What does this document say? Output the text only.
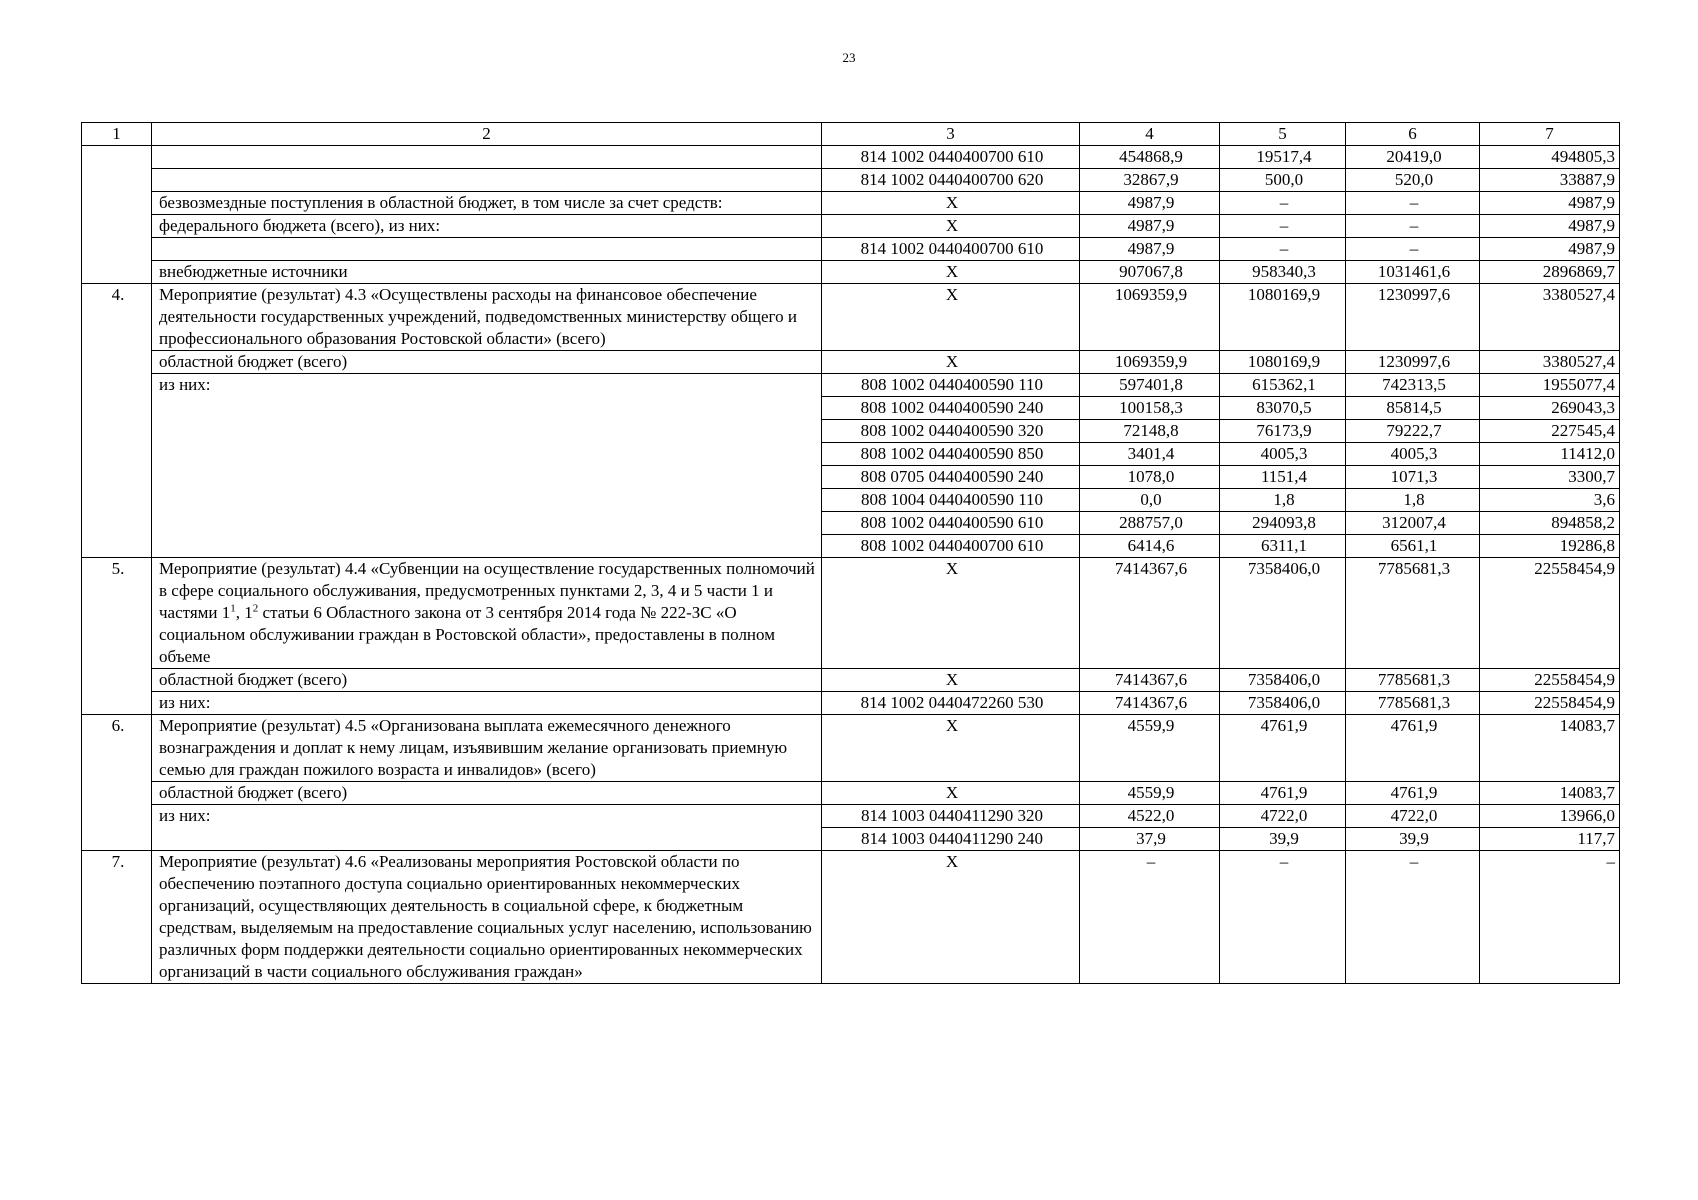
23
1	2	3	4	5	6	7
		814 1002 0440400700 610	454868,9	19517,4	20419,0	494805,3
		814 1002 0440400700 620	32867,9	500,0	520,0	33887,9
	безвозмездные поступления в областной бюджет, в том числе за счет средств:	X	4987,9	–	–	4987,9
	федерального бюджета (всего), из них:	X	4987,9	–	–	4987,9
		814 1002 0440400700 610	4987,9	–	–	4987,9
	внебюджетные источники	X	907067,8	958340,3	1031461,6	2896869,7
4.	Мероприятие (результат) 4.3 «Осуществлены расходы на финансовое обеспечение деятельности государственных учреждений, подведомственных министерству общего и профессионального образования Ростовской области» (всего)	X	1069359,9	1080169,9	1230997,6	3380527,4
	областной бюджет (всего)	X	1069359,9	1080169,9	1230997,6	3380527,4
	из них:	808 1002 0440400590 110	597401,8	615362,1	742313,5	1955077,4
		808 1002 0440400590 240	100158,3	83070,5	85814,5	269043,3
		808 1002 0440400590 320	72148,8	76173,9	79222,7	227545,4
		808 1002 0440400590 850	3401,4	4005,3	4005,3	11412,0
		808 0705 0440400590 240	1078,0	1151,4	1071,3	3300,7
		808 1004 0440400590 110	0,0	1,8	1,8	3,6
		808 1002 0440400590 610	288757,0	294093,8	312007,4	894858,2
		808 1002 0440400700 610	6414,6	6311,1	6561,1	19286,8
5.	Мероприятие (результат) 4.4 «Субвенции на осуществление государственных полномочий в сфере социального обслуживания, предусмотренных пунктами 2, 3, 4 и 5 части 1 и частями $1^1$, $1^2$ статьи 6 Областного закона от 3 сентября 2014 года № 222-ЗС «О социальном обслуживании граждан в Ростовской области», предоставлены в полном объеме	X	7414367,6	7358406,0	7785681,3	22558454,9
	областной бюджет (всего)	X	7414367,6	7358406,0	7785681,3	22558454,9
	из них:	814 1002 0440472260 530	7414367,6	7358406,0	7785681,3	22558454,9
6.	Мероприятие (результат) 4.5 «Организована выплата ежемесячного денежного вознаграждения и доплат к нему лицам, изъявившим желание организовать приемную семью для граждан пожилого возраста и инвалидов» (всего)	X	4559,9	4761,9	4761,9	14083,7
	областной бюджет (всего)	X	4559,9	4761,9	4761,9	14083,7
	из них:	814 1003 0440411290 320	4522,0	4722,0	4722,0	13966,0
		814 1003 0440411290 240	37,9	39,9	39,9	117,7
7.	Мероприятие (результат) 4.6 «Реализованы мероприятия Ростовской области по обеспечению поэтапного доступа социально ориентированных некоммерческих организаций, осуществляющих деятельность в социальной сфере, к бюджетным средствам, выделяемым на предоставление социальных услуг населению, использованию различных форм поддержки деятельности социально ориентированных некоммерческих организаций в части социального обслуживания граждан»	X	–	–	–	–
